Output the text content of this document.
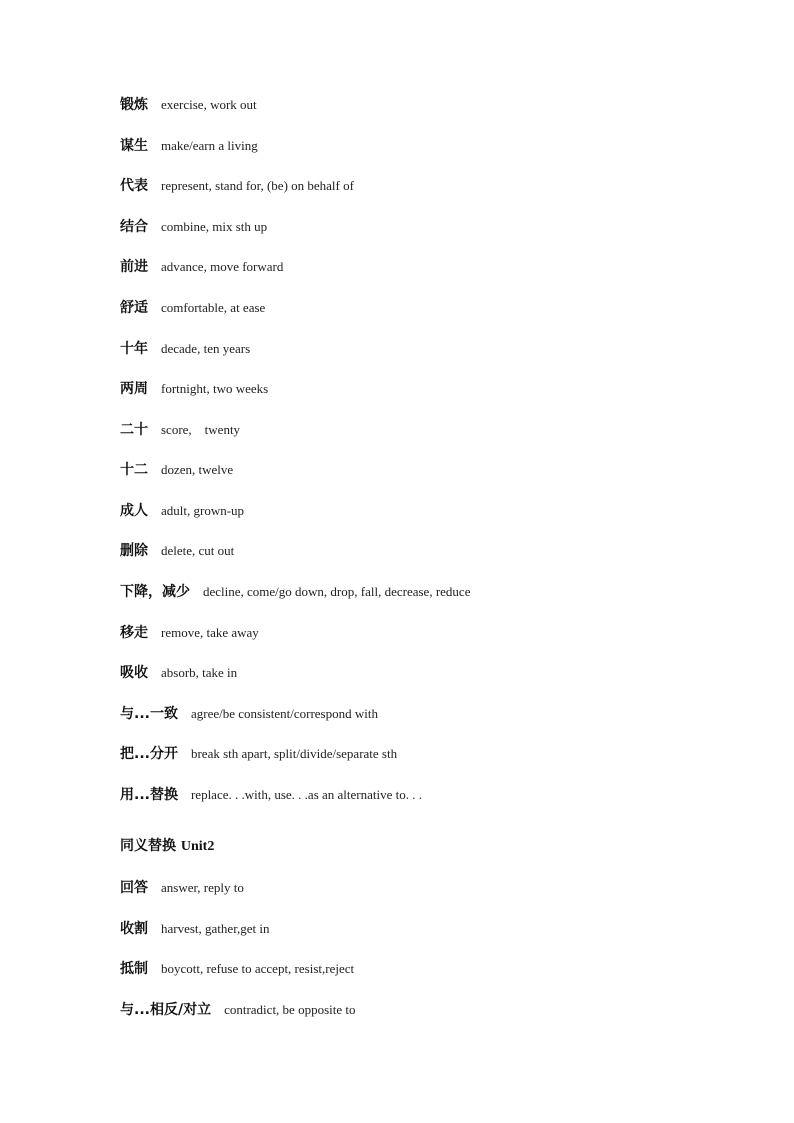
锻炼 exercise, work out
谋生 make/earn a living
代表 represent, stand for, (be) on behalf of
结合 combine, mix sth up
前进 advance, move forward
舒适 comfortable, at ease
十年 decade, ten years
两周 fortnight, two weeks
二十 score,    twenty
十二 dozen, twelve
成人 adult, grown-up
删除 delete, cut out
下降，减少 decline, come/go down, drop, fall, decrease, reduce
移走 remove, take away
吸收 absorb, take in
与...一致 agree/be consistent/correspond with
把...分开 break sth apart, split/divide/separate sth
用...替换 replace. . .with, use. . .as an alternative to. . .
同义替换 Unit2
回答 answer, reply to
收割 harvest, gather,get in
抵制 boycott, refuse to accept, resist,reject
与...相反/对立 contradict, be opposite to
